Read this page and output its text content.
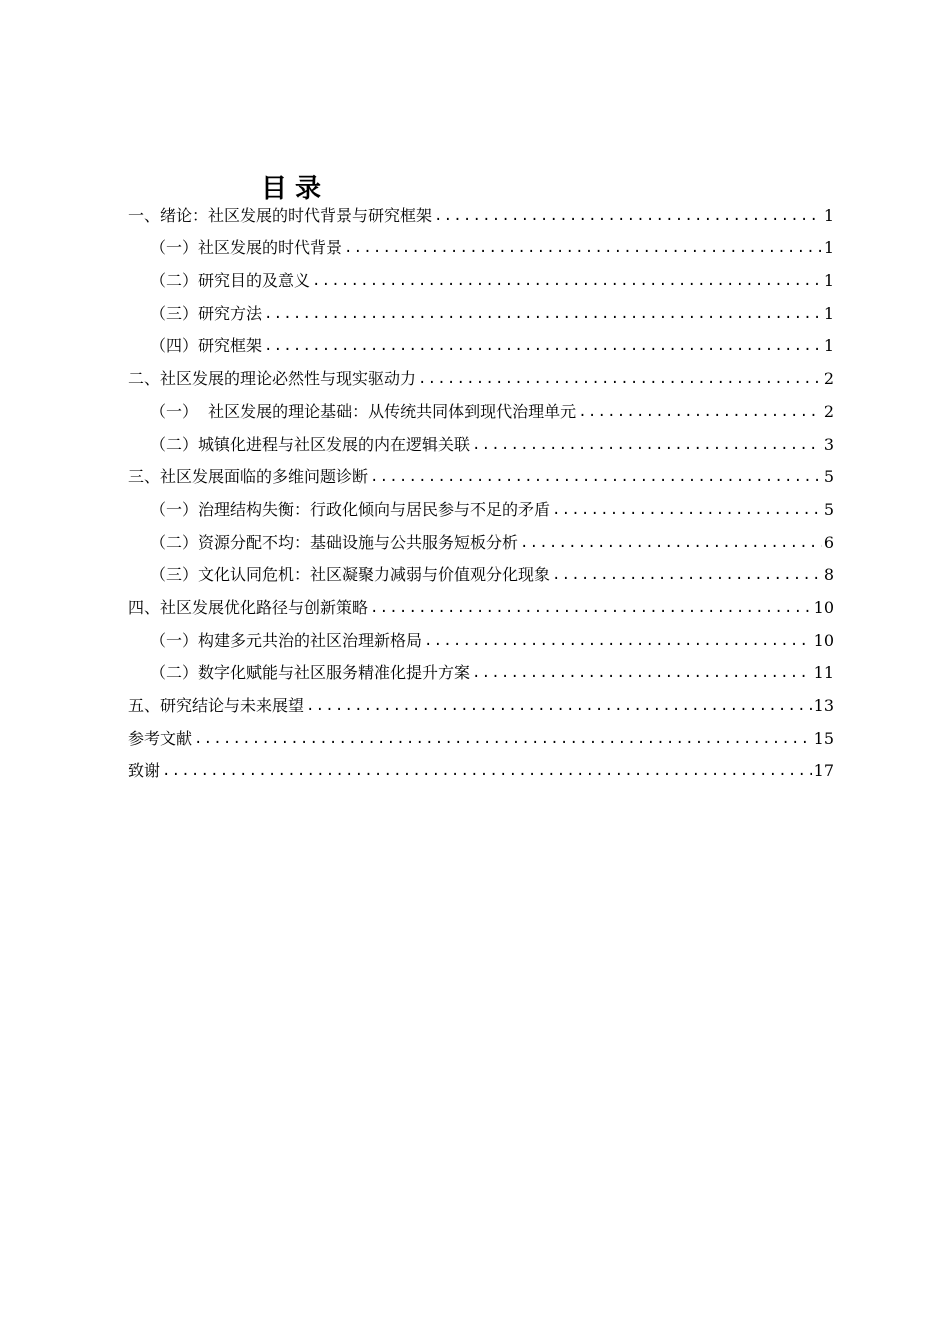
目录
一、绪论：社区发展的时代背景与研究框架 .....	1
（一）社区发展的时代背景 .....	1
（二）研究目的及意义 .....	1
（三）研究方法 .....	1
（四）研究框架 .....	1
二、社区发展的理论必然性与现实驱动力 .....	2
（一）  社区发展的理论基础：从传统共同体到现代治理单元 .....	2
（二）城镇化进程与社区发展的内在逻辑关联 .....	3
三、社区发展面临的多维问题诊断 .....	5
（一）治理结构失衡：行政化倾向与居民参与不足的矛盾 .....	5
（二）资源分配不均：基础设施与公共服务短板分析 .....	6
（三）文化认同危机：社区凝聚力减弱与价值观分化现象 .....	8
四、社区发展优化路径与创新策略 .....	10
（一）构建多元共治的社区治理新格局 .....	10
（二）数字化赋能与社区服务精准化提升方案 .....	11
五、研究结论与未来展望 .....	13
参考文献 .....	15
致谢 .....	17
